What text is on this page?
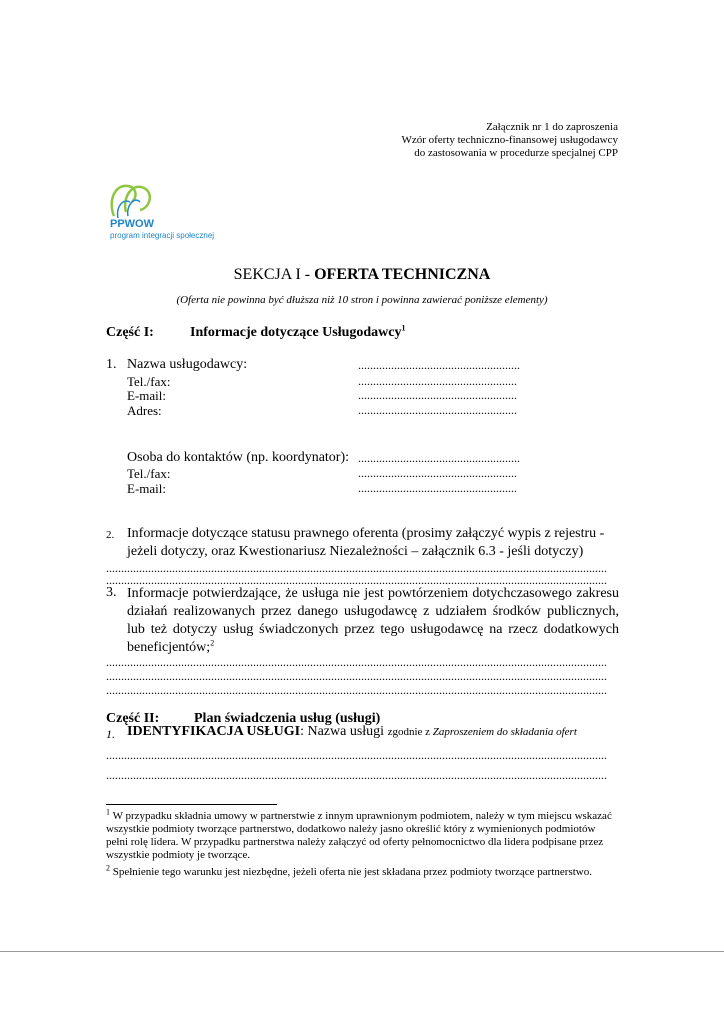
Załącznik nr 1 do zaproszenia
Wzór oferty techniczno-finansowej usługodawcy
do zastosowania w procedurze specjalnej CPP
PPWOW
program integracji społecznej
SEKCJA I - OFERTA TECHNICZNA
(Oferta nie powinna być dłuższa niż 10 stron i powinna zawierać poniższe elementy)
Część I:	Informacje dotyczące Usługodawcy$^1$
1. Nazwa usługodawcy:	......................................................
Tel./fax:	.....................................................
E-mail:	.....................................................
Adres:	.....................................................
Osoba do kontaktów (np. koordynator): ......................................................
Tel./fax:	.....................................................
E-mail:	.....................................................
2. Informacje dotyczące statusu prawnego oferenta (prosimy załączyć wypis z rejestru -
jeżeli dotyczy, oraz Kwestionariusz Niezależności – załącznik 6.3 - jeśli dotyczy)
.......................................................................................................................................................................
.......................................................................................................................................................................
3. Informacje potwierdzające, że usługa nie jest powtórzeniem dotychczasowego zakresu działań realizowanych przez danego usługodawcę z udziałem środków publicznych, lub też dotyczy usług świadczonych przez tego usługodawcę na rzecz dodatkowych beneficjentów;$^2$
.......................................................................................................................................................................
.......................................................................................................................................................................
.......................................................................................................................................................................
Część II: Plan świadczenia usług (usługi)
1. IDENTYFIKACJA USŁUGI: Nazwa usługi zgodnie z Zaproszeniem do składania ofert
.......................................................................................................................................................................
.......................................................................................................................................................................
$^1$ W przypadku składnia umowy w partnerstwie z innym uprawnionym podmiotem, należy w tym miejscu wskazać wszystkie podmioty tworzące partnerstwo, dodatkowo należy jasno określić który z wymienionych podmiotów pełni rolę lidera. W przypadku partnerstwa należy załączyć od oferty pełnomocnictwo dla lidera podpisane przez wszystkie podmioty je tworzące.
$^2$ Spełnienie tego warunku jest niezbędne, jeżeli oferta nie jest składana przez podmioty tworzące partnerstwo.
